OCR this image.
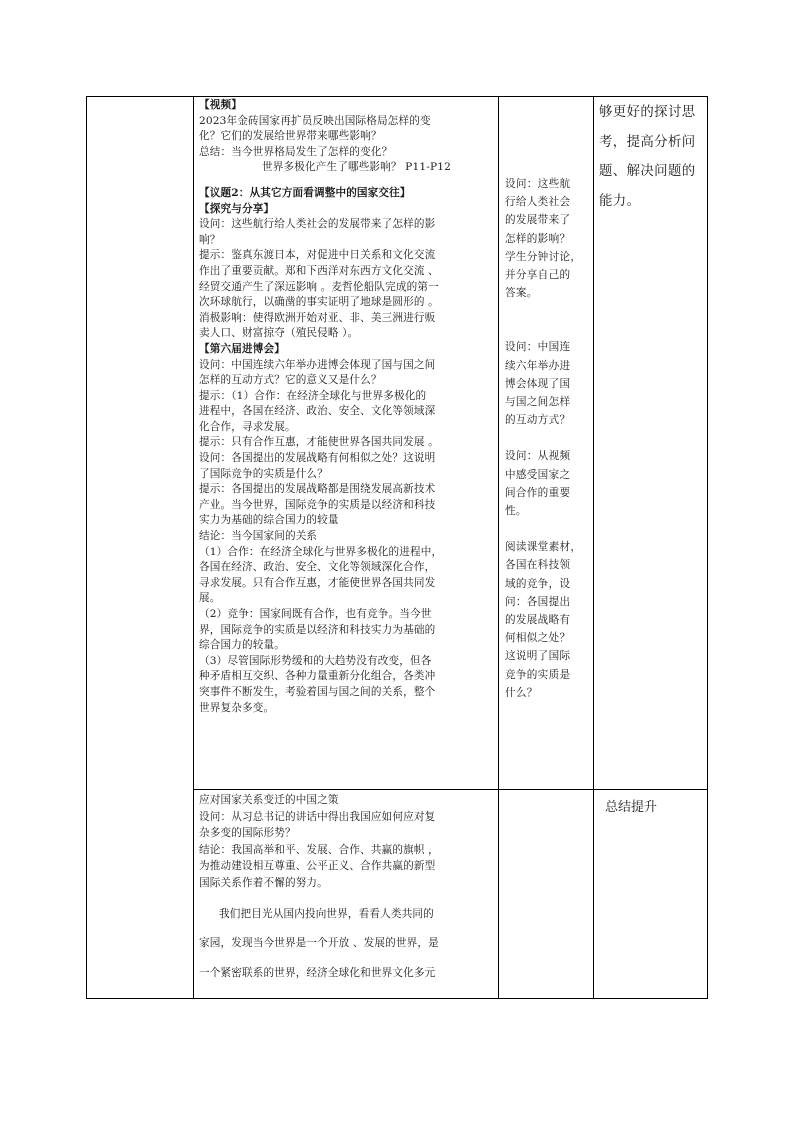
【视频】
2023年金砖国家再扩员反映出国际格局怎样的变
化？它们的发展给世界带来哪些影响？
总结：当今世界格局发生了怎样的变化？
世界多极化产生了哪些影响？ P11-P12
【议题2：从其它方面看调整中的国家交往】
【探究与分享】
设问：这些航行给人类社会的发展带来了怎样的影
响？
提示：鉴真东渡日本，对促进中日关系和文化交流
作出了重要贡献。郑和下西洋对东西方文化交流 、
经贸交通产生了深远影响 。麦哲伦船队完成的第一
次环球航行，以确凿的事实证明了地球是圆形的 。
消极影响：使得欧洲开始对亚、非、美三洲进行贩
卖人口、财富掠夺（殖民侵略 ）。
【第六届进博会】
设问：中国连续六年举办进博会体现了国与国之间
怎样的互动方式？它的意义又是什么？
提示：（1）合作：在经济全球化与世界多极化的
进程中，各国在经济、政治、安全、文化等领域深
化合作，寻求发展。
提示：只有合作互惠，才能使世界各国共同发展 。
设问：各国提出的发展战略有何相似之处？这说明
了国际竞争的实质是什么？
提示：各国提出的发展战略都是围绕发展高新技术
产业。当今世界，国际竞争的实质是以经济和科技
实力为基础的综合国力的较量
结论：当今国家间的关系
（1）合作：在经济全球化与世界多极化的进程中，
各国在经济、政治、安全、文化等领域深化合作，
寻求发展。只有合作互惠，才能使世界各国共同发
展。
（2）竞争：国家间既有合作，也有竞争。当今世
界，国际竞争的实质是以经济和科技实力为基础的
综合国力的较量。
（3）尽管国际形势缓和的大趋势没有改变，但各
种矛盾相互交织、各种力量重新分化组合，各类冲
突事件不断发生，考验着国与国之间的关系，整个
世界复杂多变。
设问：这些航
行给人类社会
的发展带来了
怎样的影响？
学生分钟讨论，
并分享自己的
答案。
设问：中国连
续六年举办进
博会体现了国
与国之间怎样
的互动方式？
设问：从视频
中感受国家之
间合作的重要
性。
阅读课堂素材，
各国在科技领
域的竞争，设
问：各国提出
的发展战略有
何相似之处？
这说明了国际
竞争的实质是
什么？
够更好的探讨思
考，提高分析问
题、解决问题的
能力。
应对国家关系变迁的中国之策
设问：从习总书记的讲话中得出我国应如何应对复
杂多变的国际形势？
结论：我国高举和平、发展、合作、共赢的旗帜 ，
为推动建设相互尊重、公平正义、合作共赢的新型
国际关系作着不懈的努力。
我们把目光从国内投向世界，看看人类共同的
家园，发现当今世界是一个开放 、发展的世界，是
一个紧密联系的世界，经济全球化和世界文化多元
总结提升
